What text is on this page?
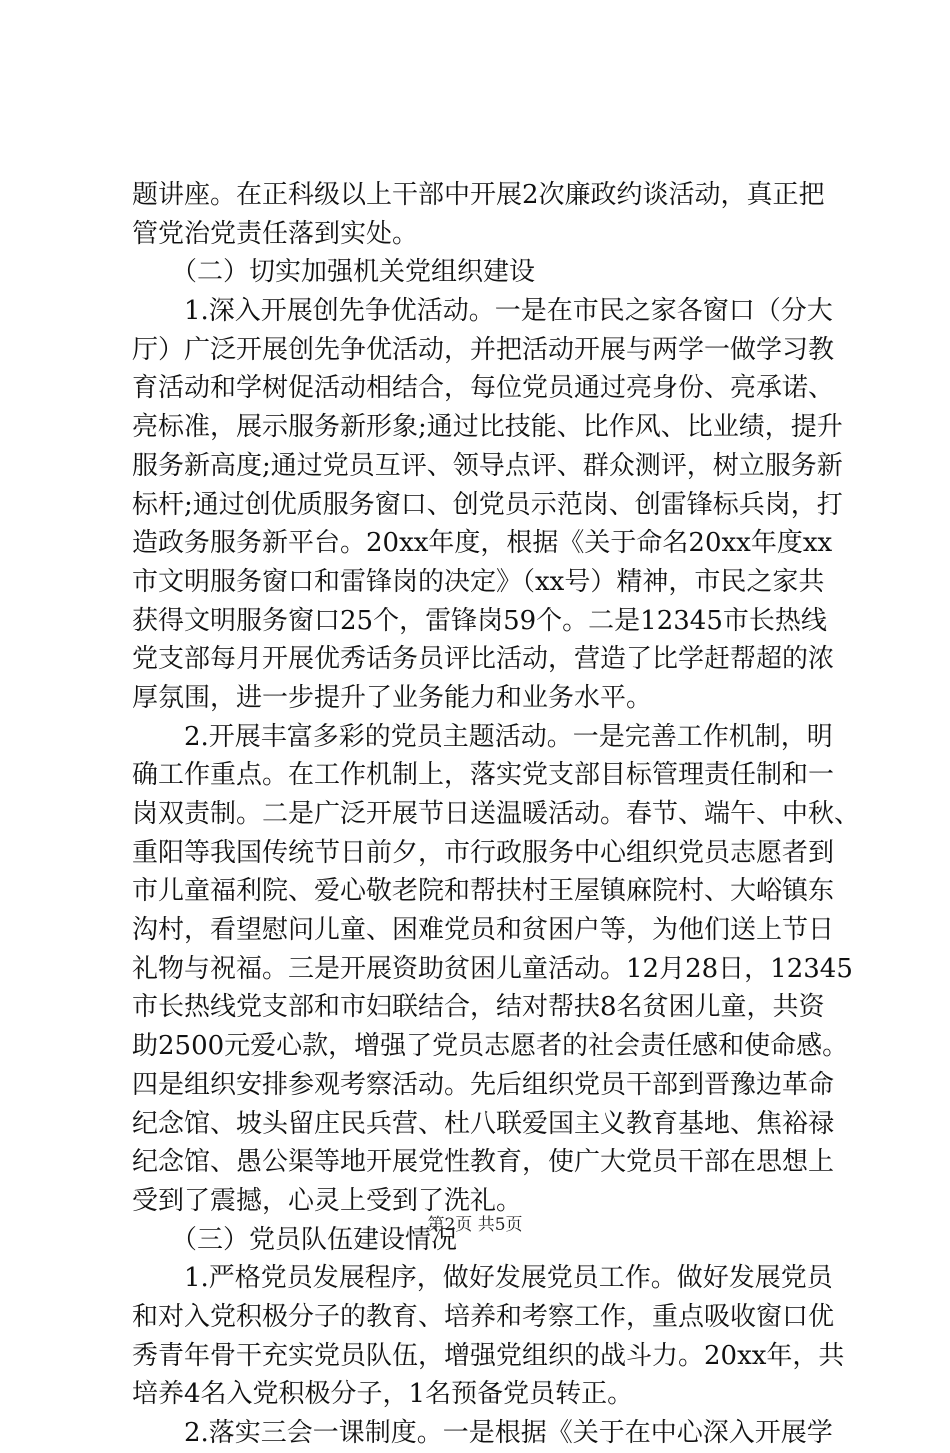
题讲座。在正科级以上干部中开展2次廉政约谈活动，真正把
管党治党责任落到实处。
　　（二）切实加强机关党组织建设
　　1.深入开展创先争优活动。一是在市民之家各窗口（分大
厅）广泛开展创先争优活动，并把活动开展与两学一做学习教
育活动和学树促活动相结合，每位党员通过亮身份、亮承诺、
亮标准，展示服务新形象;通过比技能、比作风、比业绩，提升
服务新高度;通过党员互评、领导点评、群众测评，树立服务新
标杆;通过创优质服务窗口、创党员示范岗、创雷锋标兵岗，打
造政务服务新平台。20xx年度，根据《关于命名20xx年度xx
市文明服务窗口和雷锋岗的决定》（xx号）精神，市民之家共
获得文明服务窗口25个，雷锋岗59个。二是12345市长热线
党支部每月开展优秀话务员评比活动，营造了比学赶帮超的浓
厚氛围，进一步提升了业务能力和业务水平。
　　2.开展丰富多彩的党员主题活动。一是完善工作机制，明
确工作重点。在工作机制上，落实党支部目标管理责任制和一
岗双责制。二是广泛开展节日送温暖活动。春节、端午、中秋、
重阳等我国传统节日前夕，市行政服务中心组织党员志愿者到
市儿童福利院、爱心敬老院和帮扶村王屋镇麻院村、大峪镇东
沟村，看望慰问儿童、困难党员和贫困户等，为他们送上节日
礼物与祝福。三是开展资助贫困儿童活动。12月28日，12345
市长热线党支部和市妇联结合，结对帮扶8名贫困儿童，共资
助2500元爱心款，增强了党员志愿者的社会责任感和使命感。
四是组织安排参观考察活动。先后组织党员干部到晋豫边革命
纪念馆、坡头留庄民兵营、杜八联爱国主义教育基地、焦裕禄
纪念馆、愚公渠等地开展党性教育，使广大党员干部在思想上
受到了震撼，心灵上受到了洗礼。
　　（三）党员队伍建设情况
　　1.严格党员发展程序，做好发展党员工作。做好发展党员
和对入党积极分子的教育、培养和考察工作，重点吸收窗口优
秀青年骨干充实党员队伍，增强党组织的战斗力。20xx年，共
培养4名入党积极分子，1名预备党员转正。
　　2.落实三会一课制度。一是根据《关于在中心深入开展学
第2页 共5页
